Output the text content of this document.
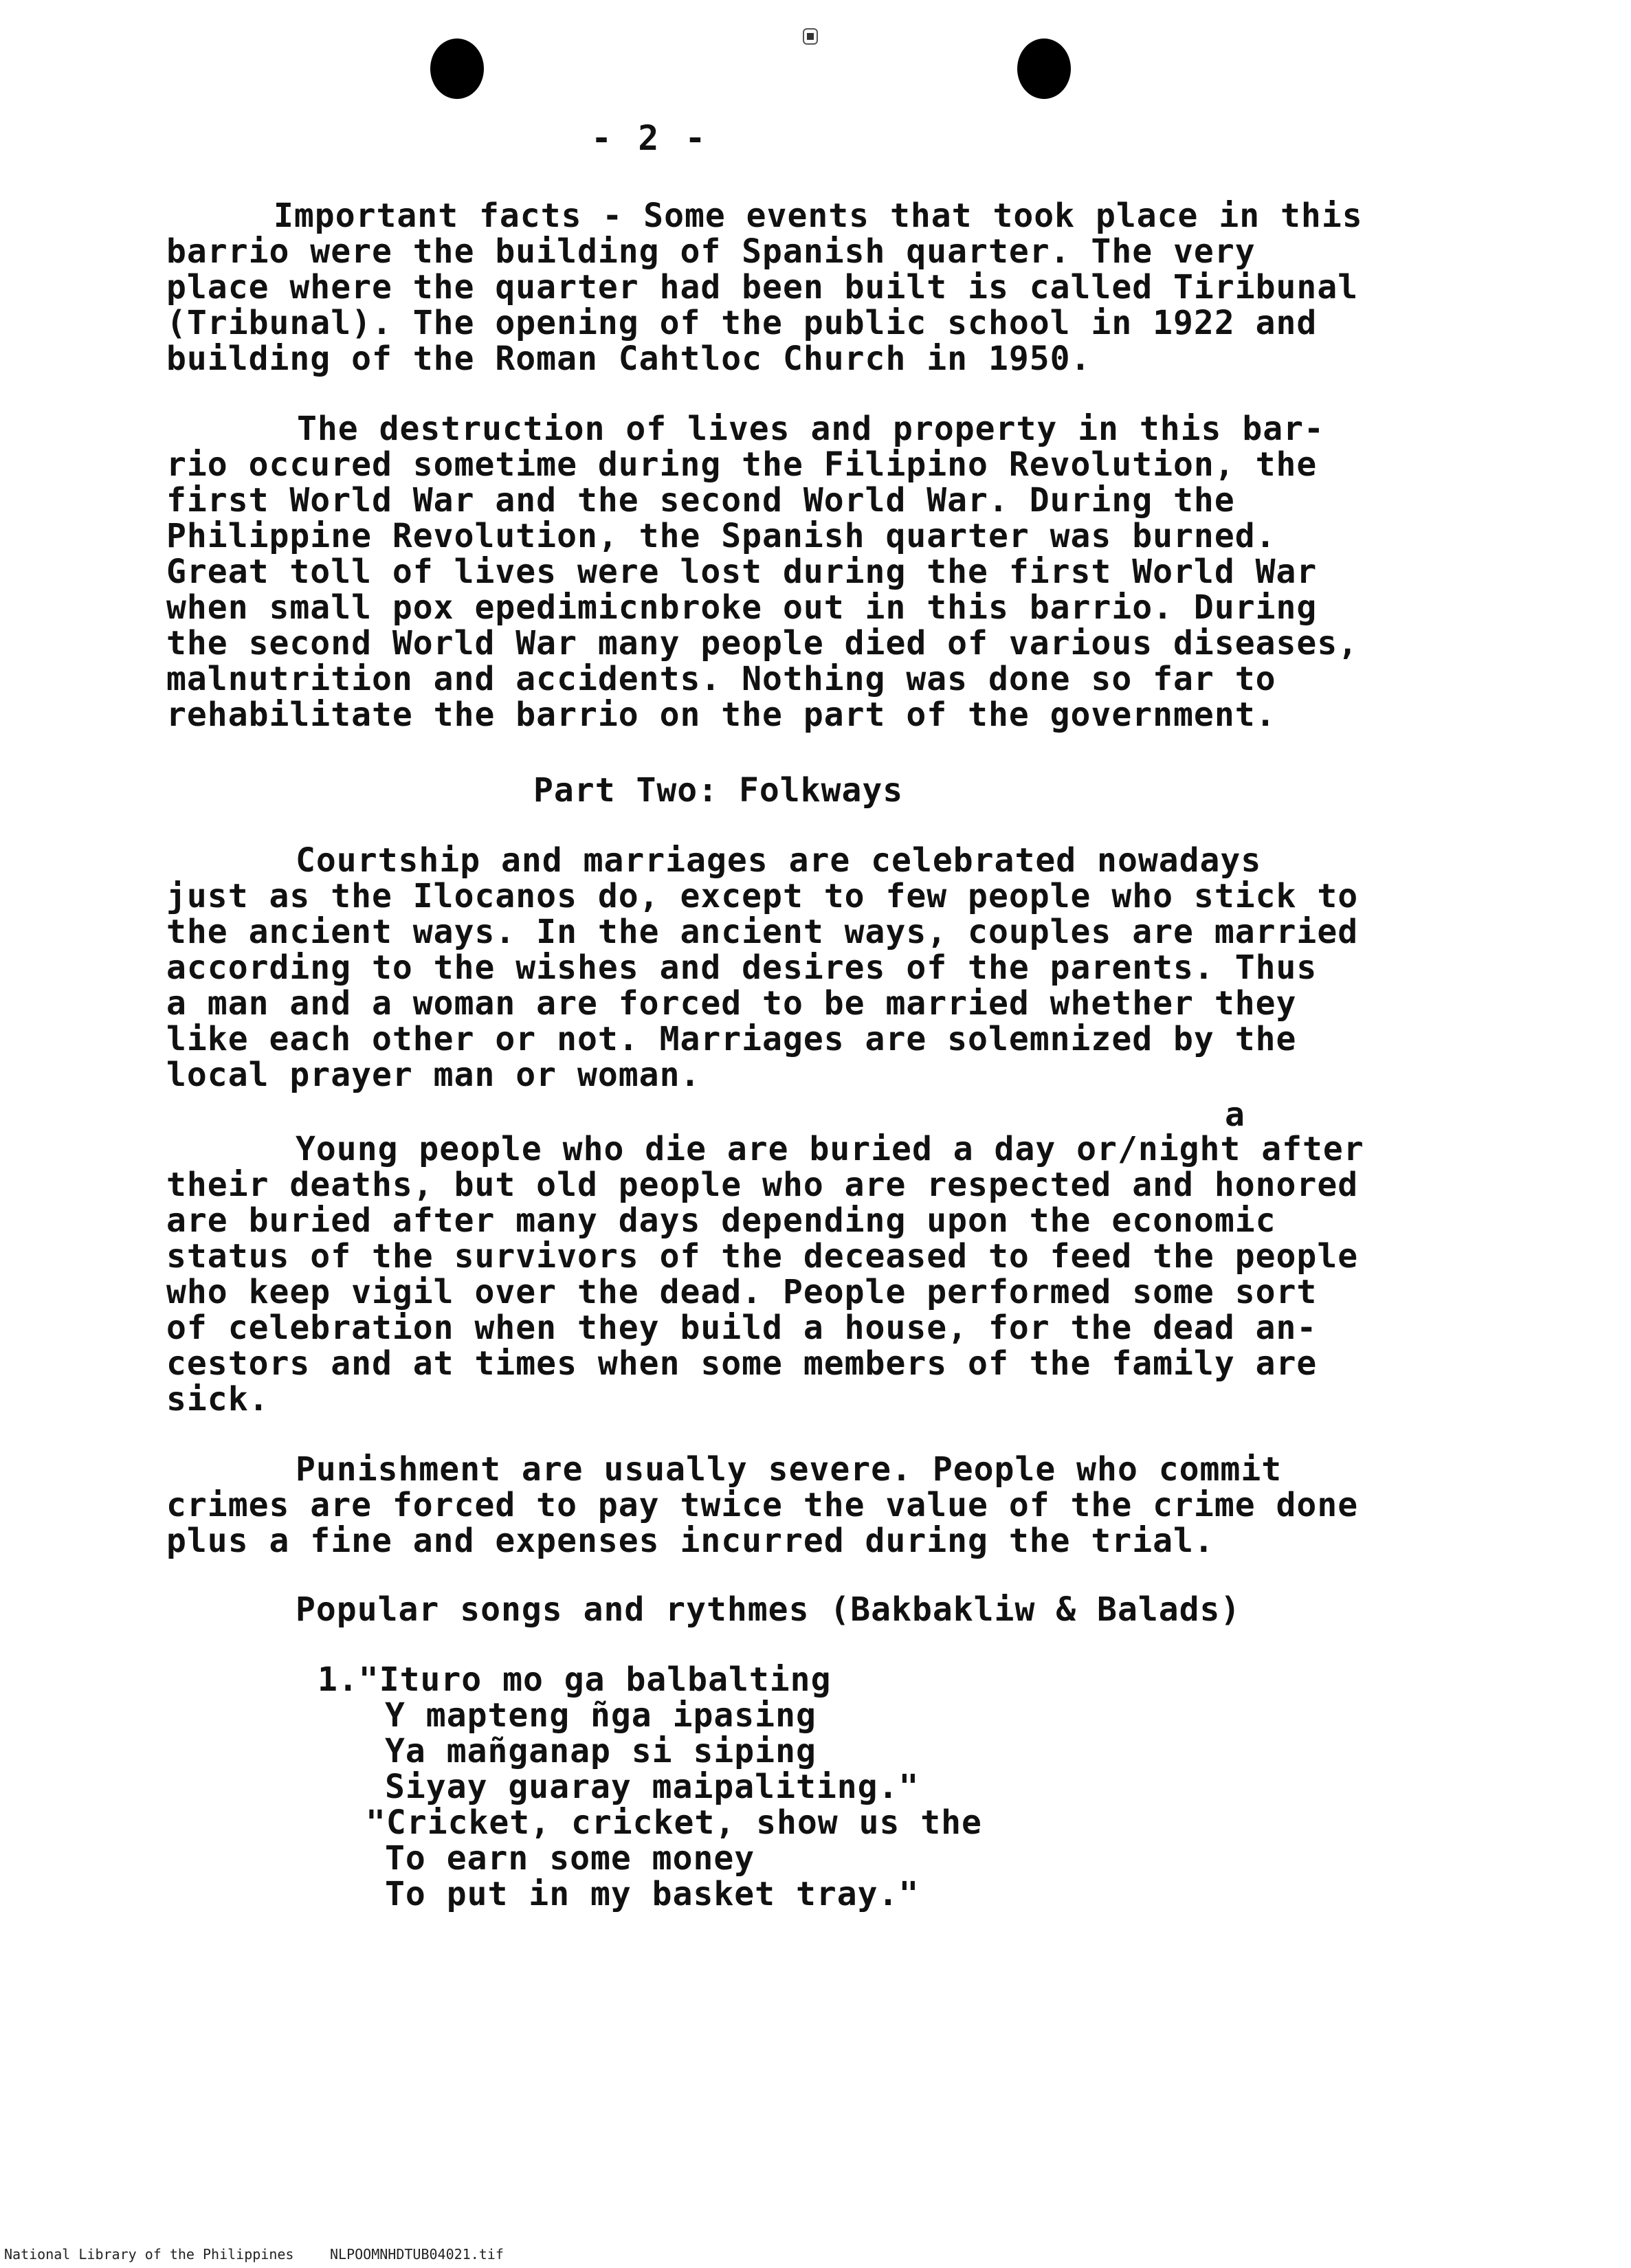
- 2 -
Important facts - Some events that took place in this
barrio were the building of Spanish quarter. The very
place where the quarter had been built is called Tiribunal
(Tribunal). The opening of the public school in 1922 and
building of the Roman Cahtloc Church in 1950.
The destruction of lives and property in this bar-
rio occured sometime during the Filipino Revolution, the
first World War and the second World War. During the
Philippine Revolution, the Spanish quarter was burned.
Great toll of lives were lost during the first World War
when small pox epedimicnbroke out in this barrio. During
the second World War many people died of various diseases,
malnutrition and accidents. Nothing was done so far to
rehabilitate the barrio on the part of the government.
Part Two: Folkways
Courtship and marriages are celebrated nowadays
just as the Ilocanos do, except to few people who stick to
the ancient ways. In the ancient ways, couples are married
according to the wishes and desires of the parents. Thus
a man and a woman are forced to be married whether they
like each other or not. Marriages are solemnized by the
local prayer man or woman.
a
Young people who die are buried a day or/night after
their deaths, but old people who are respected and honored
are buried after many days depending upon the economic
status of the survivors of the deceased to feed the people
who keep vigil over the dead. People performed some sort
of celebration when they build a house, for the dead an-
cestors and at times when some members of the family are
sick.
Punishment are usually severe. People who commit
crimes are forced to pay twice the value of the crime done
plus a fine and expenses incurred during the trial.
Popular songs and rythmes (Bakbakliw & Balads)
1."Ituro mo ga balbalting
Y mapteng ñga ipasing
Ya mañganap si siping
Siyay guaray maipaliting."
"Cricket, cricket, show us the
To earn some money
To put in my basket tray."
National Library of the Philippines	NLPOOMNHDTUB04021.tif
